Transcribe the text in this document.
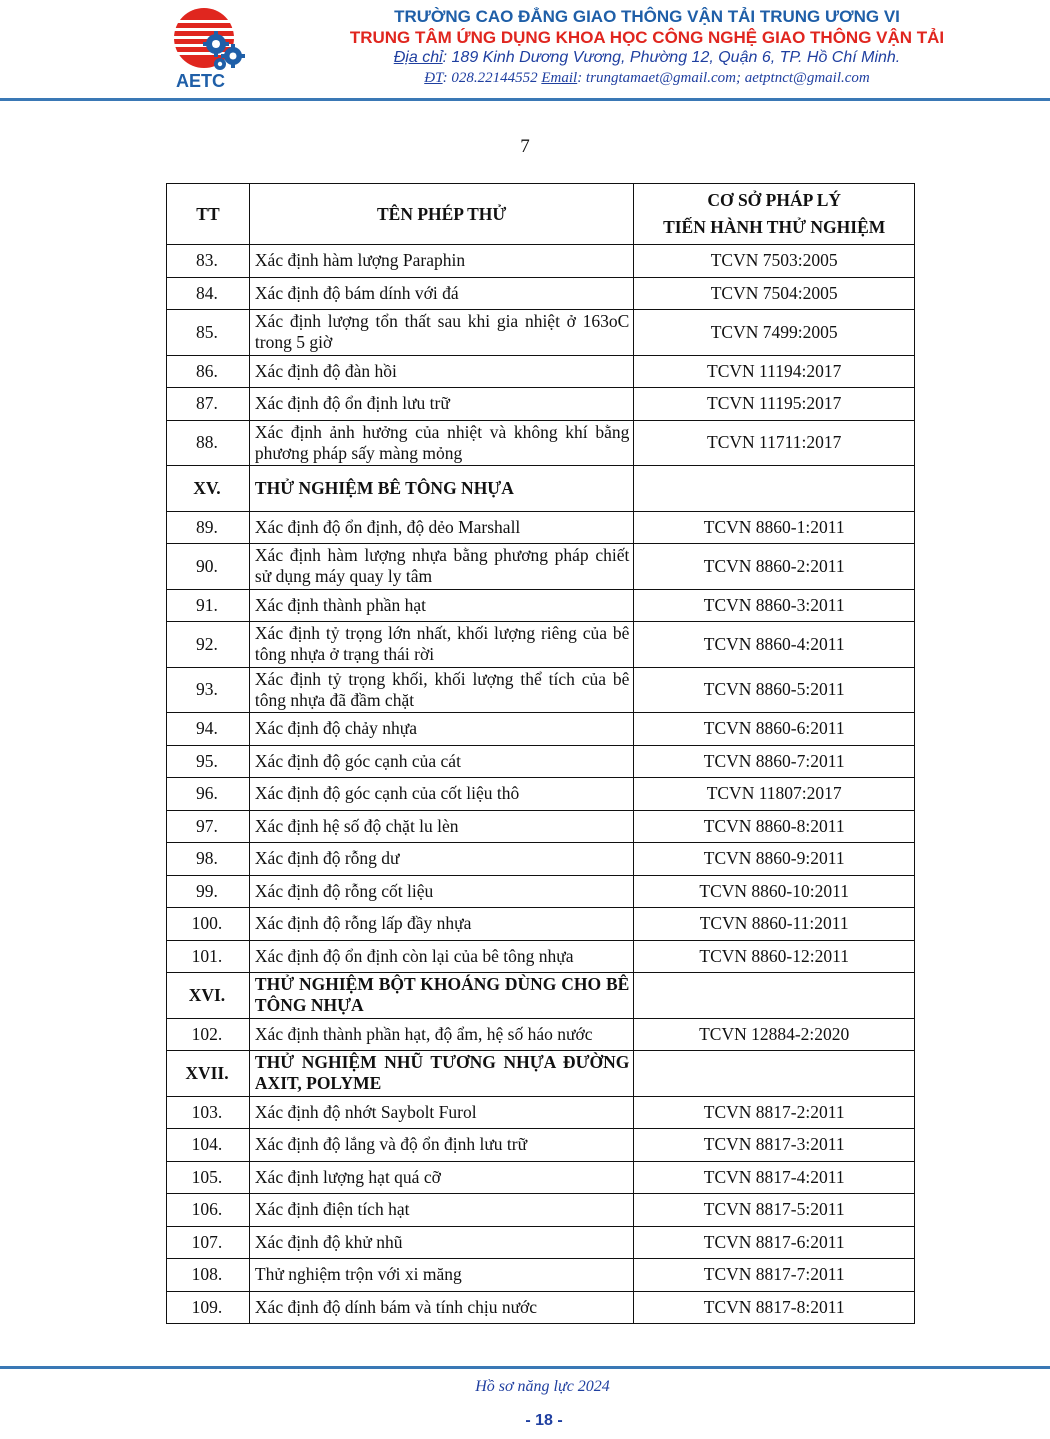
AETC
TRƯỜNG CAO ĐẲNG GIAO THÔNG VẬN TẢI TRUNG ƯƠNG VI
TRUNG TÂM ỨNG DỤNG KHOA HỌC CÔNG NGHỆ GIAO THÔNG VẬN TẢI
Địa chỉ: 189 Kinh Dương Vương, Phường 12, Quận 6, TP. Hồ Chí Minh.
ĐT: 028.22144552 Email: trungtamaet@gmail.com; aetptnct@gmail.com
7
TT	TÊN PHÉP THỬ	CƠ SỞ PHÁP LÝ
TIẾN HÀNH THỬ NGHIỆM

83.	Xác định hàm lượng Paraphin	TCVN 7503:2005
84.	Xác định độ bám dính với đá	TCVN 7504:2005
85.	Xác định lượng tổn thất sau khi gia nhiệt ở 163oC trong 5 giờ	TCVN 7499:2005
86.	Xác định độ đàn hồi	TCVN 11194:2017
87.	Xác định độ ổn định lưu trữ	TCVN 11195:2017
88.	Xác định ảnh hưởng của nhiệt và không khí bằng phương pháp sấy màng mỏng	TCVN 11711:2017
XV.	THỬ NGHIỆM BÊ TÔNG NHỰA	
89.	Xác định độ ổn định, độ dẻo Marshall	TCVN 8860-1:2011
90.	Xác định hàm lượng nhựa bằng phương pháp chiết sử dụng máy quay ly tâm	TCVN 8860-2:2011
91.	Xác định thành phần hạt	TCVN 8860-3:2011
92.	Xác định tỷ trọng lớn nhất, khối lượng riêng của bê tông nhựa ở trạng thái rời	TCVN 8860-4:2011
93.	Xác định tỷ trọng khối, khối lượng thể tích của bê tông nhựa đã đầm chặt	TCVN 8860-5:2011
94.	Xác định độ chảy nhựa	TCVN 8860-6:2011
95.	Xác định độ góc cạnh của cát	TCVN 8860-7:2011
96.	Xác định độ góc cạnh của cốt liệu thô	TCVN 11807:2017
97.	Xác định hệ số độ chặt lu lèn	TCVN 8860-8:2011
98.	Xác định độ rỗng dư	TCVN 8860-9:2011
99.	Xác định độ rỗng cốt liệu	TCVN 8860-10:2011
100.	Xác định độ rỗng lấp đầy nhựa	TCVN 8860-11:2011
101.	Xác định độ ổn định còn lại của bê tông nhựa	TCVN 8860-12:2011
XVI.	THỬ NGHIỆM BỘT KHOÁNG DÙNG CHO BÊ TÔNG NHỰA	
102.	Xác định thành phần hạt, độ ẩm, hệ số háo nước	TCVN 12884-2:2020
XVII.	THỬ NGHIỆM NHŨ TƯƠNG NHỰA ĐƯỜNG AXIT, POLYME	
103.	Xác định độ nhớt Saybolt Furol	TCVN 8817-2:2011
104.	Xác định độ lắng và độ ổn định lưu trữ	TCVN 8817-3:2011
105.	Xác định lượng hạt quá cỡ	TCVN 8817-4:2011
106.	Xác định điện tích hạt	TCVN 8817-5:2011
107.	Xác định độ khử nhũ	TCVN 8817-6:2011
108.	Thử nghiệm trộn với xi măng	TCVN 8817-7:2011
109.	Xác định độ dính bám và tính chịu nước	TCVN 8817-8:2011
Hồ sơ năng lực 2024
- 18 -
